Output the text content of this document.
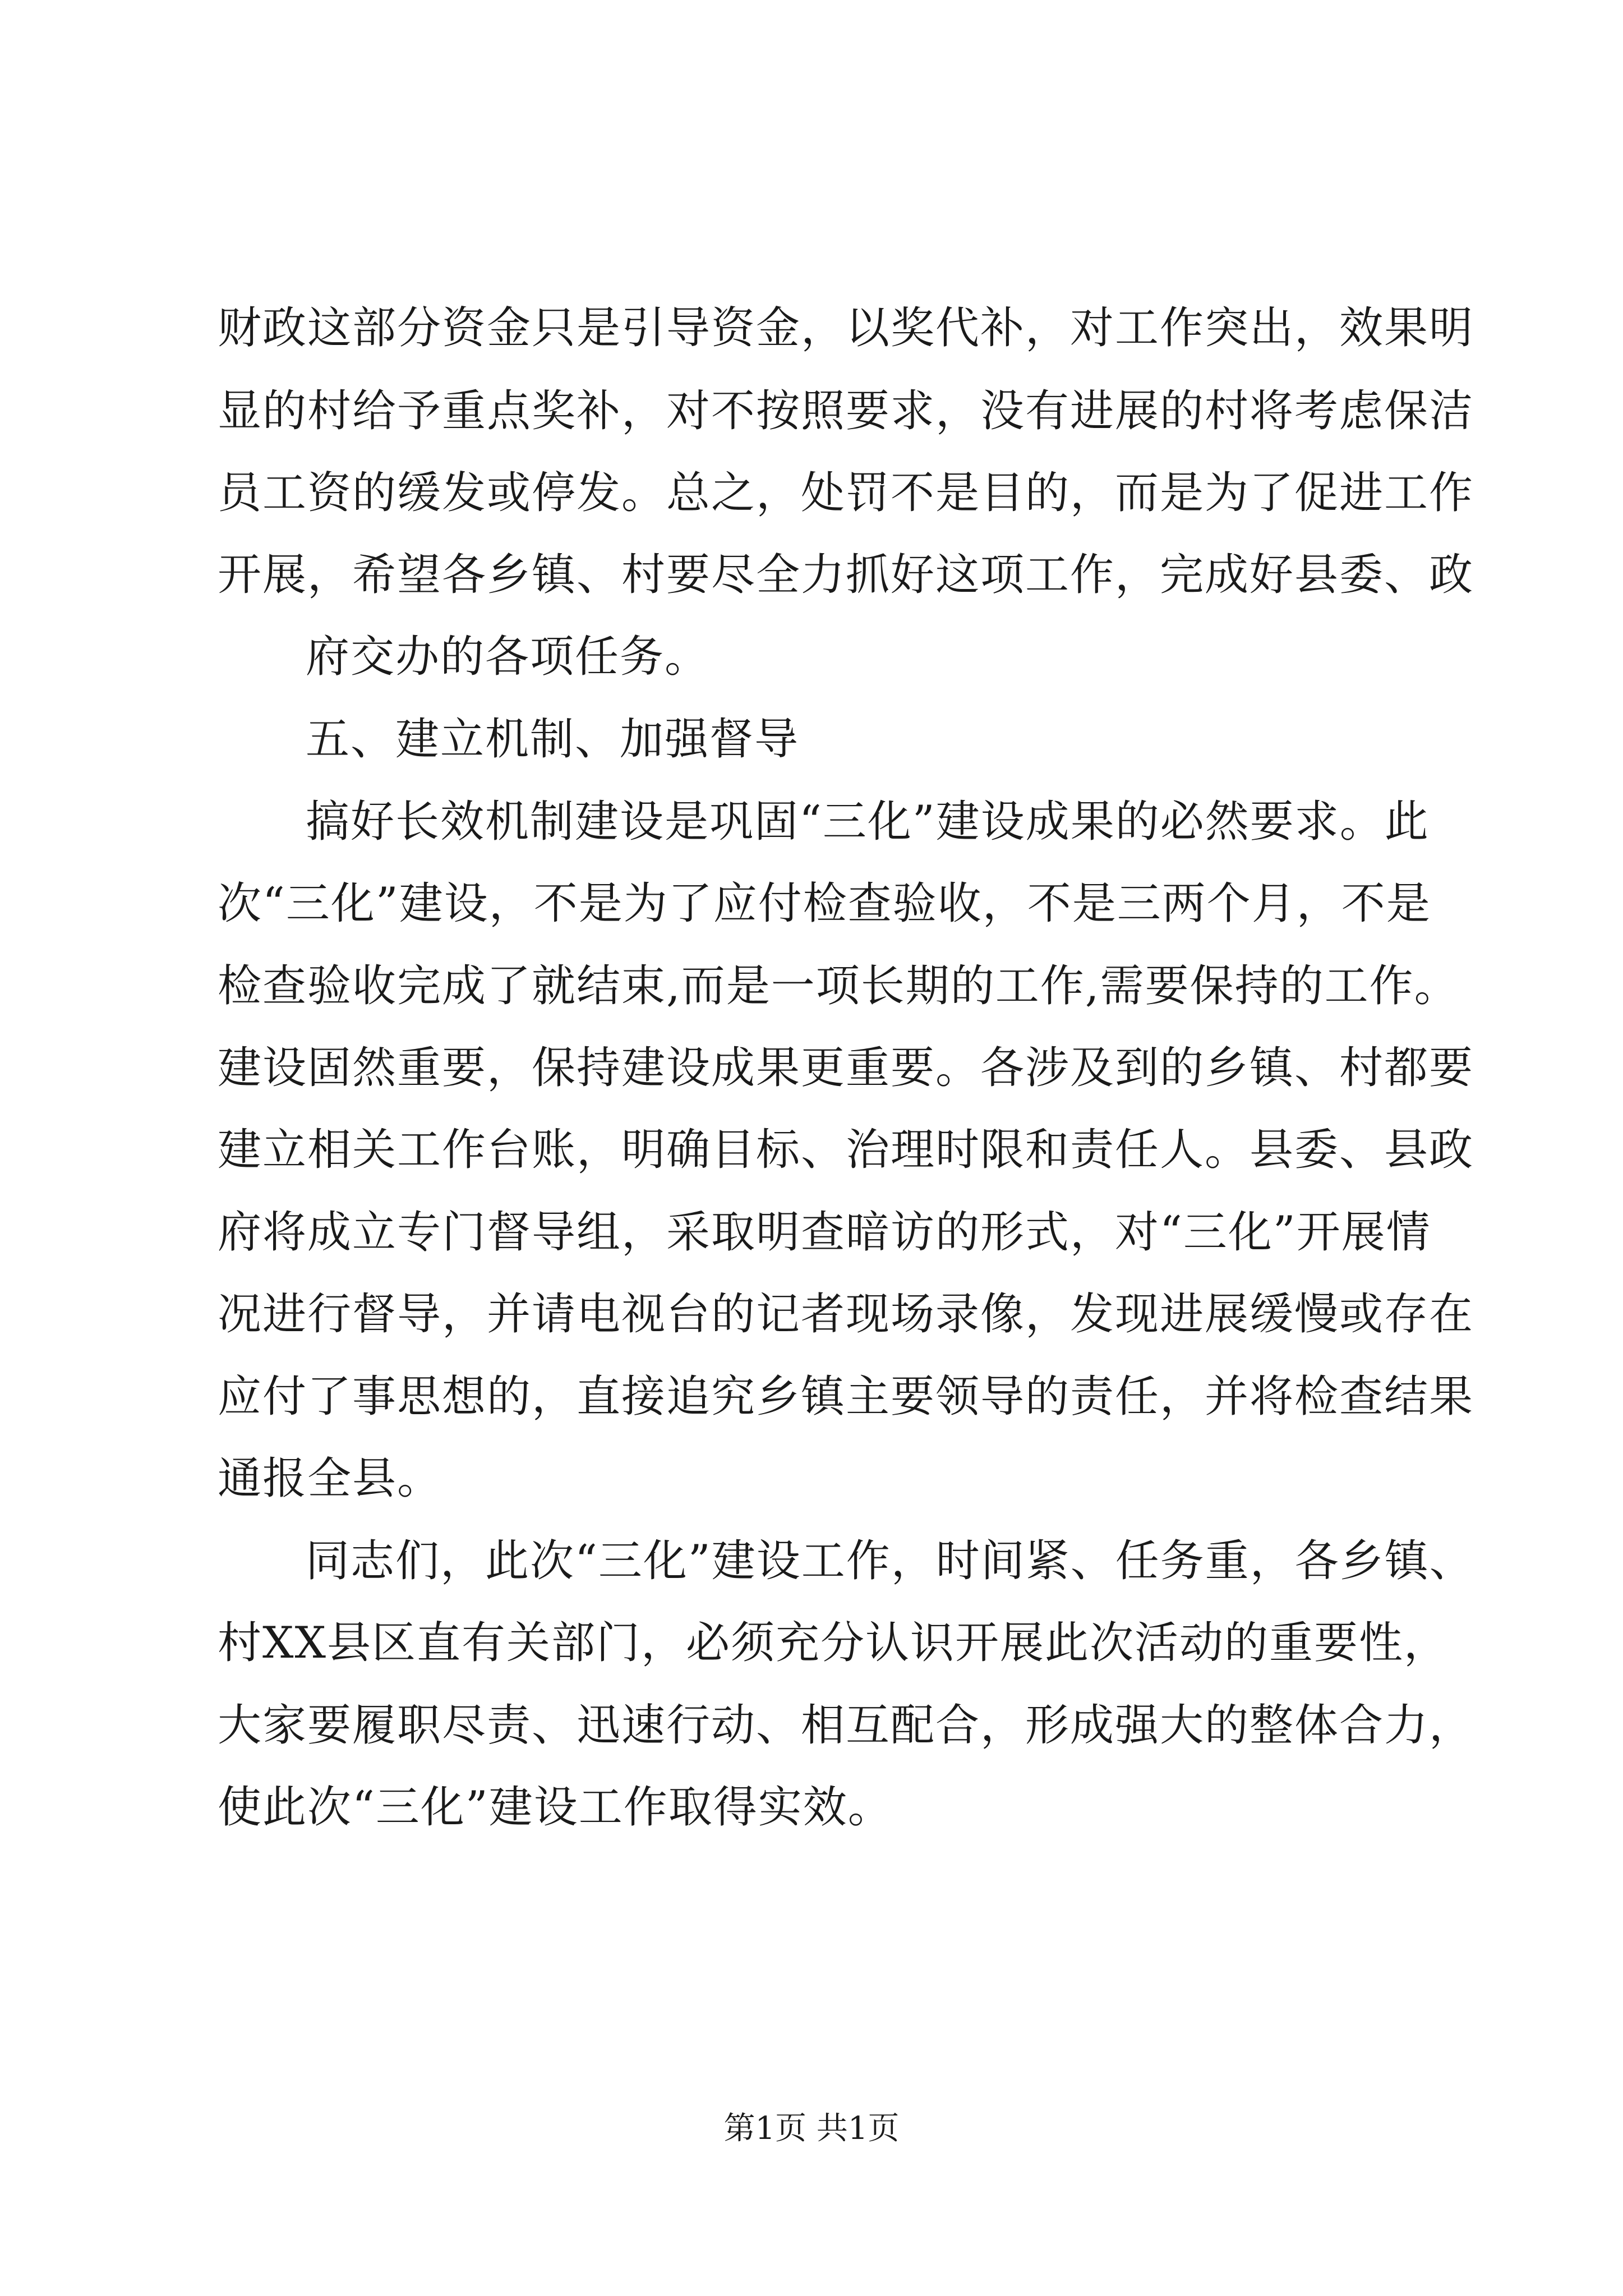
财政这部分资金只是引导资金，以奖代补，对工作突出，效果明
显的村给予重点奖补，对不按照要求，没有进展的村将考虑保洁
员工资的缓发或停发。总之，处罚不是目的，而是为了促进工作
开展，希望各乡镇、村要尽全力抓好这项工作，完成好县委、政
府交办的各项任务。
五、建立机制、加强督导
搞好长效机制建设是巩固“三化”建设成果的必然要求。此
次“三化”建设，不是为了应付检查验收，不是三两个月，不是
检查验收完成了就结束,而是一项长期的工作,需要保持的工作。
建设固然重要，保持建设成果更重要。各涉及到的乡镇、村都要
建立相关工作台账，明确目标、治理时限和责任人。县委、县政
府将成立专门督导组，采取明查暗访的形式，对“三化”开展情
况进行督导，并请电视台的记者现场录像，发现进展缓慢或存在
应付了事思想的，直接追究乡镇主要领导的责任，并将检查结果
通报全县。
同志们，此次“三化”建设工作，时间紧、任务重，各乡镇、
村XX县区直有关部门，必须充分认识开展此次活动的重要性，
大家要履职尽责、迅速行动、相互配合，形成强大的整体合力，
使此次“三化”建设工作取得实效。
第1页 共1页
